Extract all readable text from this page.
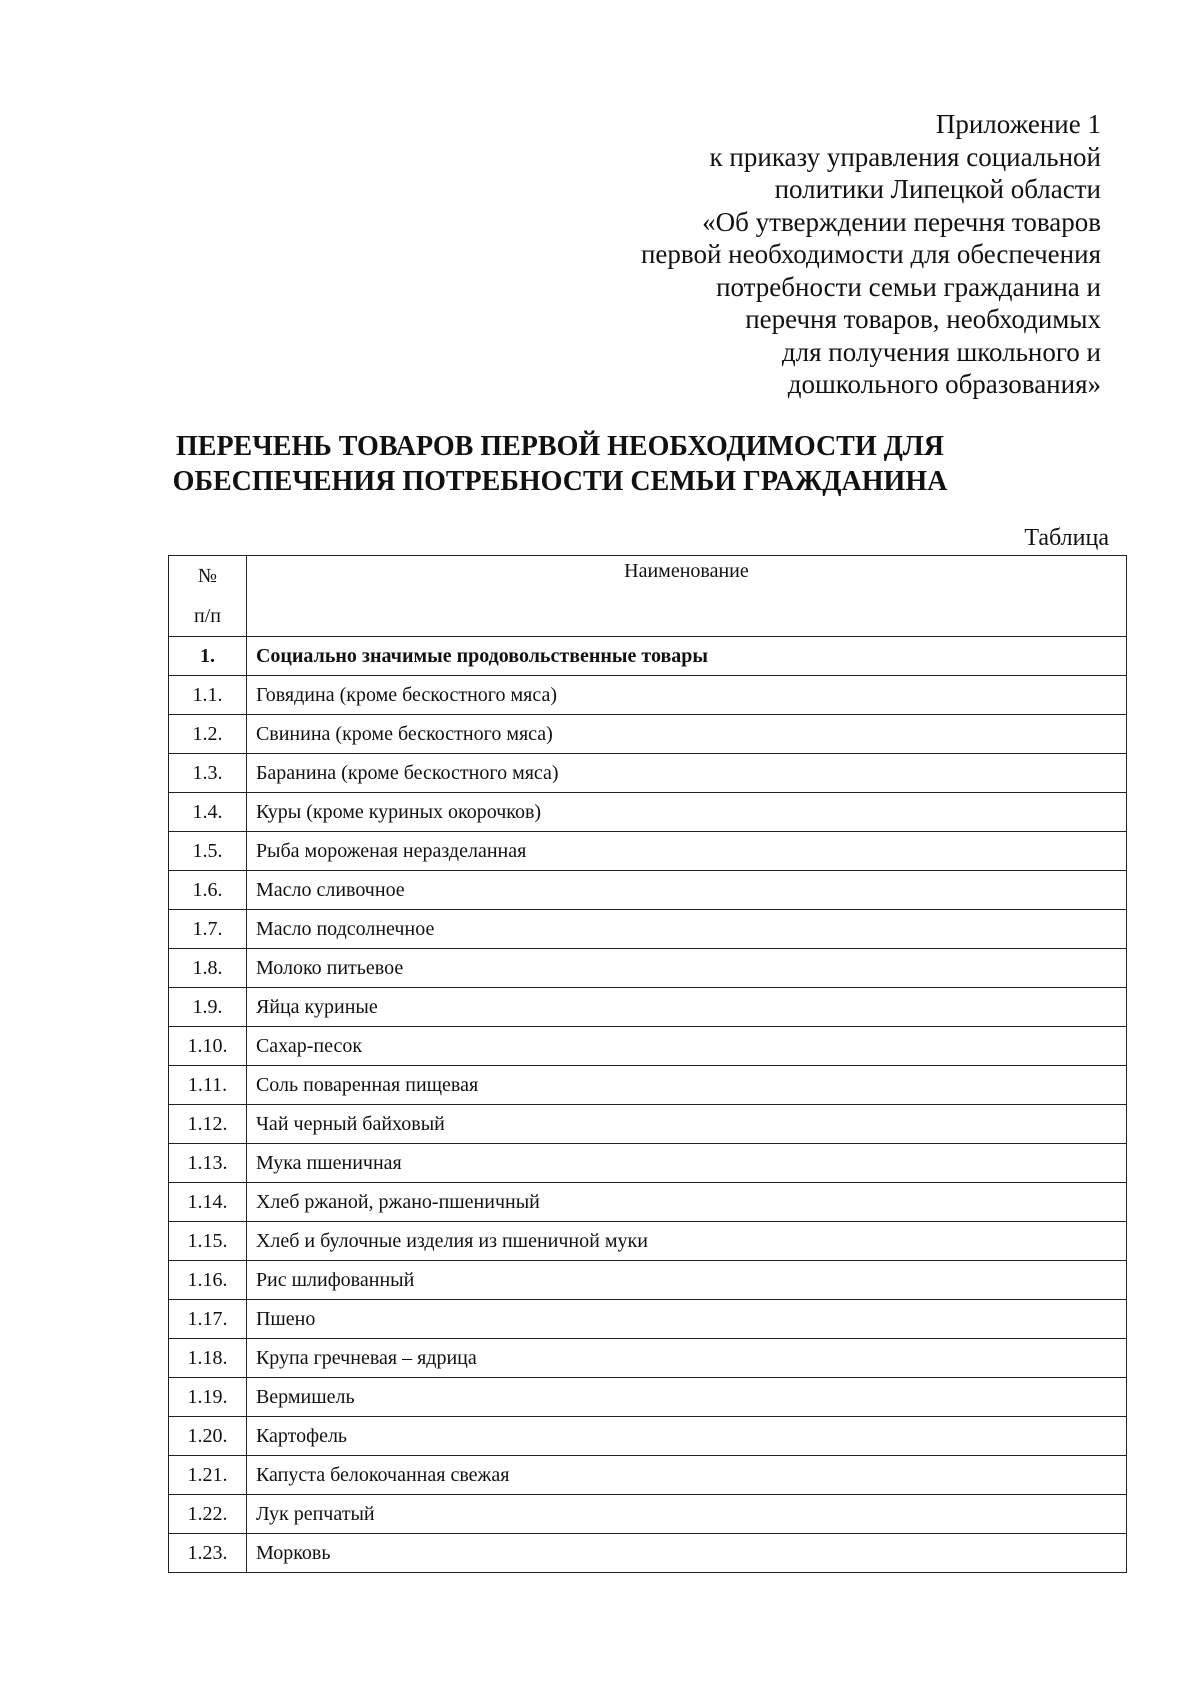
Приложение 1
к приказу управления социальной
политики Липецкой области
«Об утверждении перечня товаров
первой необходимости для обеспечения
потребности семьи гражданина и
перечня товаров, необходимых
для получения школьного и
дошкольного образования»
ПЕРЕЧЕНЬ ТОВАРОВ ПЕРВОЙ НЕОБХОДИМОСТИ ДЛЯ
ОБЕСПЕЧЕНИЯ ПОТРЕБНОСТИ СЕМЬИ ГРАЖДАНИНА
Таблица
№
п/п	Наименование
1.	Социально значимые продовольственные товары
1.1.	Говядина (кроме бескостного мяса)
1.2.	Свинина (кроме бескостного мяса)
1.3.	Баранина (кроме бескостного мяса)
1.4.	Куры (кроме куриных окорочков)
1.5.	Рыба мороженая неразделанная
1.6.	Масло сливочное
1.7.	Масло подсолнечное
1.8.	Молоко питьевое
1.9.	Яйца куриные
1.10.	Сахар-песок
1.11.	Соль поваренная пищевая
1.12.	Чай черный байховый
1.13.	Мука пшеничная
1.14.	Хлеб ржаной, ржано-пшеничный
1.15.	Хлеб и булочные изделия из пшеничной муки
1.16.	Рис шлифованный
1.17.	Пшено
1.18.	Крупа гречневая – ядрица
1.19.	Вермишель
1.20.	Картофель
1.21.	Капуста белокочанная свежая
1.22.	Лук репчатый
1.23.	Морковь
